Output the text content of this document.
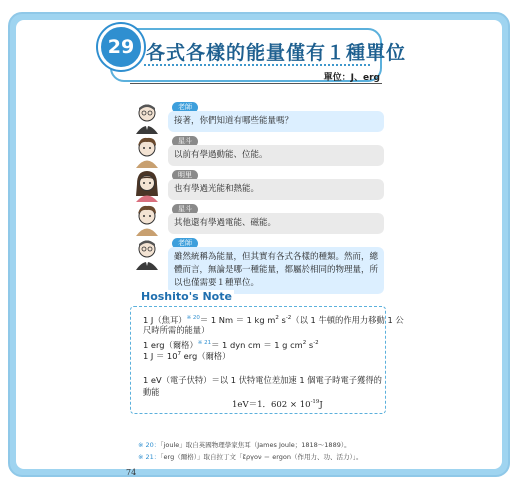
29 各式各樣的能量僅有１種單位
單位：J、erg
老師
接著，你們知道有哪些能量嗎？
星斗
以前有學過動能、位能。
明里
也有學過光能和熱能。
星斗
其他還有學過電能、磁能。
老師
雖然統稱為能量，但其實有各式各樣的種類。然而，總體而言，無論是哪一種能量，都屬於相同的物理量，所以也僅需要１種單位。
Hoshito's Note
1 J（焦耳）$^{※ 20}$＝ 1 Nm ＝ 1 kg $m^2$ $s^{-2}$（以 1 牛頓的作用力移動 1 公
尺時所需的能量）
1 erg（爾格）$^{※ 21}$＝ 1 dyn cm ＝ 1 g $cm^2$ $s^{-2}$
1 $J = 10^7$ erg（爾格）
1 eV（電子伏特）＝以 1 伏特電位差加速 1 個電子時電子獲得的
動能
1eV＝1．$602 \times 10^{-19}J$
※ 20：「joule」取自英國物理學家焦耳（James Joule；1818～1889）。
※ 21：「erg（爾格）」取自拉丁文「ἔργον ＝ ergon（作用力、功、活力）」。
74
